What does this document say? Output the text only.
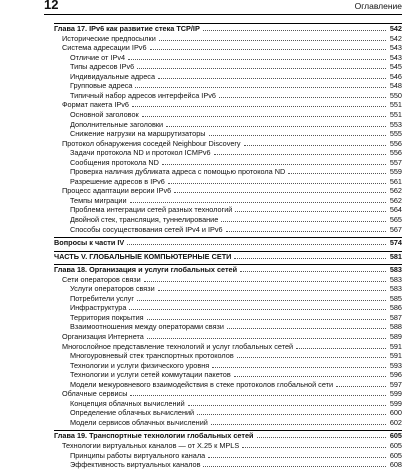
12	Оглавление
Глава 17. IPv6 как развитие стека TCP/IP	542
Исторические предпосылки	542
Система адресации IPv6	543
Отличие от IPv4	543
Типы адресов IPv6	545
Индивидуальные адреса	546
Групповые адреса	548
Типичный набор адресов интерфейса IPv6	550
Формат пакета IPv6	551
Основной заголовок	551
Дополнительные заголовки	553
Снижение нагрузки на маршрутизаторы	555
Протокол обнаружения соседей Neighbour Discovery	556
Задачи протокола ND и протокол ICMPv6	556
Сообщения протокола ND	557
Проверка наличия дубликата адреса с помощью протокола ND	559
Разрешение адресов в IPv6	561
Процесс адаптации версии IPv6	562
Темпы миграции	562
Проблема интеграции сетей разных технологий	564
Двойной стек, трансляция, туннелирование	565
Способы сосуществования сетей IPv4 и IPv6	567
Вопросы к части IV	574
ЧАСТЬ V. ГЛОБАЛЬНЫЕ КОМПЬЮТЕРНЫЕ СЕТИ	581
Глава 18. Организация и услуги глобальных сетей	583
Сети операторов связи	583
Услуги операторов связи	583
Потребители услуг	585
Инфраструктура	586
Территория покрытия	587
Взаимоотношения между операторами связи	588
Организация Интернета	589
Многослойное представление технологий и услуг глобальных сетей	591
Многоуровневый стек транспортных протоколов	591
Технологии и услуги физического уровня	593
Технологии и услуги сетей коммутации пакетов	596
Модели межуровневого взаимодействия в стеке протоколов глобальной сети	597
Облачные сервисы	599
Концепция облачных вычислений	599
Определение облачных вычислений	600
Модели сервисов облачных вычислений	602
Глава 19. Транспортные технологии глобальных сетей	605
Технологии виртуальных каналов — от X.25 к MPLS	605
Принципы работы виртуального канала	605
Эффективность виртуальных каналов	608
